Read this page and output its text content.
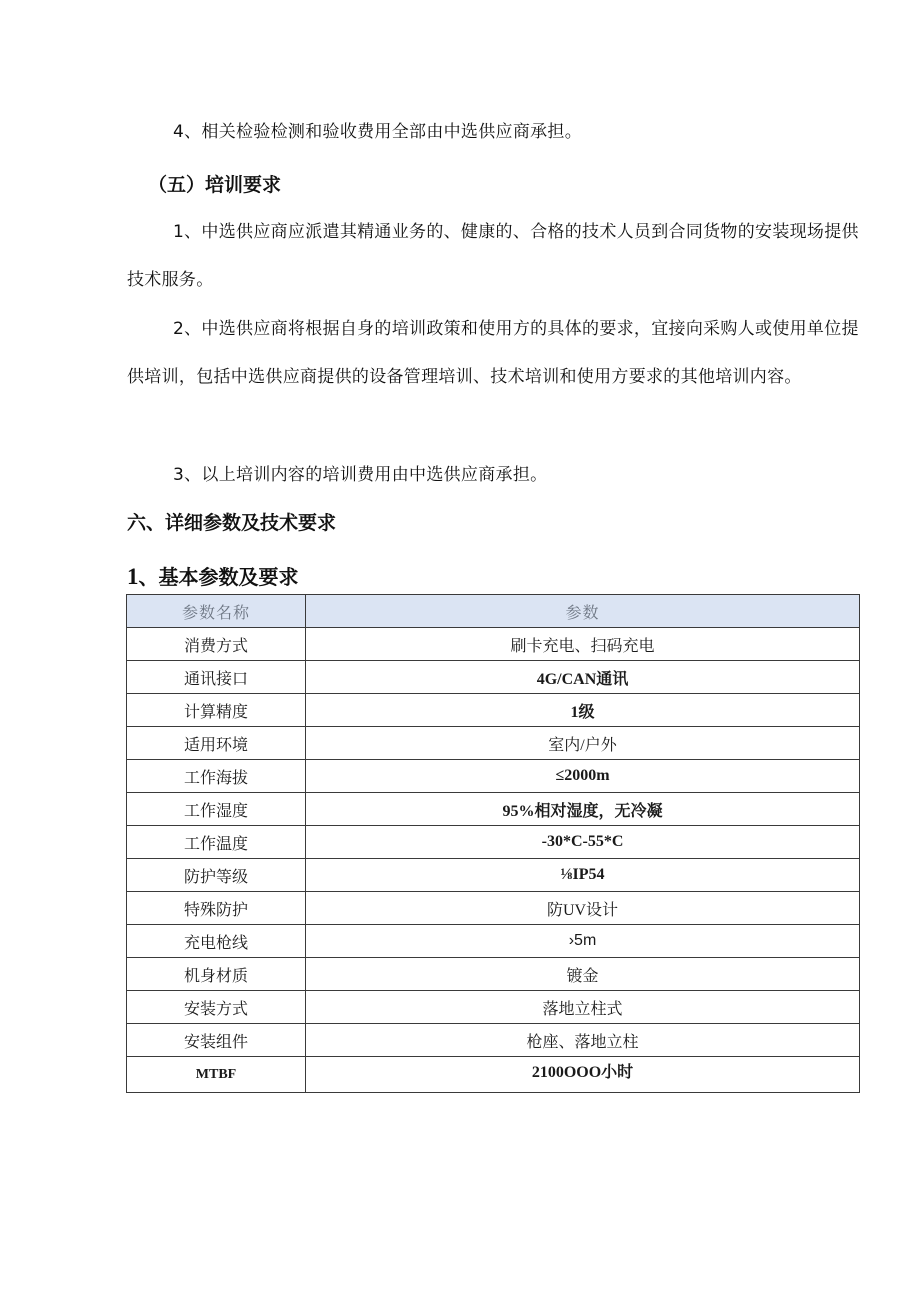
4、相关检验检测和验收费用全部由中选供应商承担。

（五）培训要求

1、中选供应商应派遣其精通业务的、健康的、合格的技术人员到合同货物的安装现场提供技术服务。

2、中选供应商将根据自身的培训政策和使用方的具体的要求，宜接向采购人或使用单位提供培训，包括中选供应商提供的设备管理培训、技术培训和使用方要求的其他培训内容。

3、以上培训内容的培训费用由中选供应商承担。

六、详细参数及技术要求
1、基本参数及要求
参数名称	参数
消费方式	刷卡充电、扫码充电
通讯接口	4G/CAN通讯
计算精度	1级
适用环境	室内/户外
工作海拔	≤2000m
工作湿度	95%相对湿度，无冷凝
工作温度	-30*C-55*C
防护等级	⅛IP54
特殊防护	防UV设计
充电枪线	›5m
机身材质	镀金
安装方式	落地立柱式
安装组件	枪座、落地立柱
MTBF	2100OOO小时
